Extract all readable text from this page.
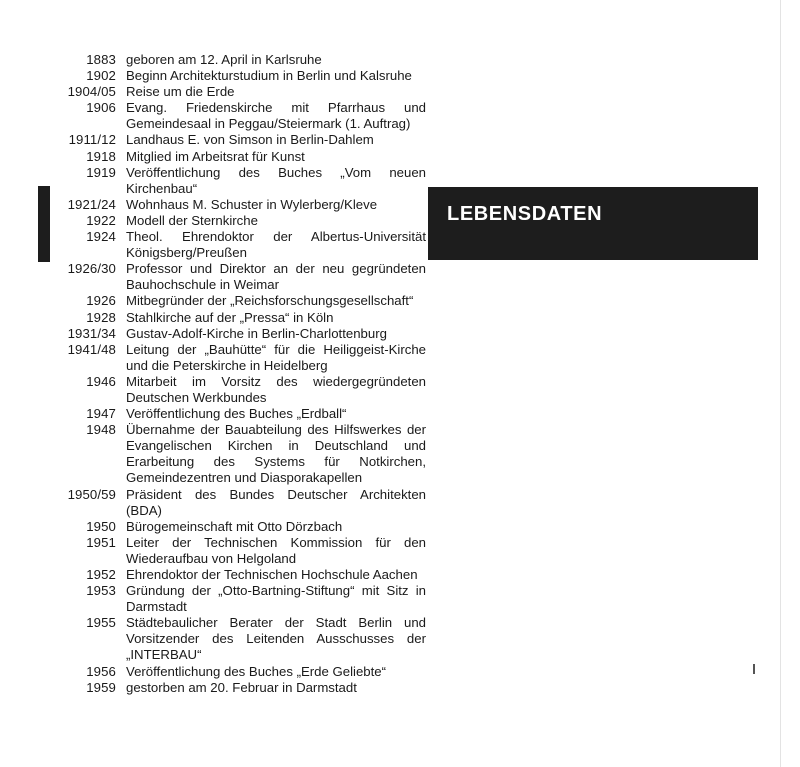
1883 geboren am 12. April in Karlsruhe
1902 Beginn Architekturstudium in Berlin und Kalsruhe
1904/05 Reise um die Erde
1906 Evang. Friedenskirche mit Pfarrhaus und Gemeindesaal in Peggau/Steiermark (1. Auftrag)
1911/12 Landhaus E. von Simson in Berlin-Dahlem
1918 Mitglied im Arbeitsrat für Kunst
1919 Veröffentlichung des Buches „Vom neuen Kirchenbau“
1921/24 Wohnhaus M. Schuster in Wylerberg/Kleve
1922 Modell der Sternkirche
1924 Theol. Ehrendoktor der Albertus-Universität Königsberg/Preußen
1926/30 Professor und Direktor an der neu gegründeten Bauhochschule in Weimar
1926 Mitbegründer der „Reichsforschungsgesellschaft“
1928 Stahlkirche auf der „Pressa“ in Köln
1931/34 Gustav-Adolf-Kirche in Berlin-Charlottenburg
1941/48 Leitung der „Bauhütte“ für die Heiliggeist-Kirche und die Peterskirche in Heidelberg
1946 Mitarbeit im Vorsitz des wiedergegründeten Deutschen Werkbundes
1947 Veröffentlichung des Buches „Erdball“
1948 Übernahme der Bauabteilung des Hilfswerkes der Evangelischen Kirchen in Deutschland und Erarbeitung des Systems für Notkirchen, Gemeindezentren und Diasporakapellen
1950/59 Präsident des Bundes Deutscher Architekten (BDA)
1950 Bürogemeinschaft mit Otto Dörzbach
1951 Leiter der Technischen Kommission für den Wiederaufbau von Helgoland
1952 Ehrendoktor der Technischen Hochschule Aachen
1953 Gründung der „Otto-Bartning-Stiftung“ mit Sitz in Darmstadt
1955 Städtebaulicher Berater der Stadt Berlin und Vorsitzender des Leitenden Ausschusses der „INTERBAU“
1956 Veröffentlichung des Buches „Erde Geliebte“
1959 gestorben am 20. Februar in Darmstadt
LEBENSDATEN
